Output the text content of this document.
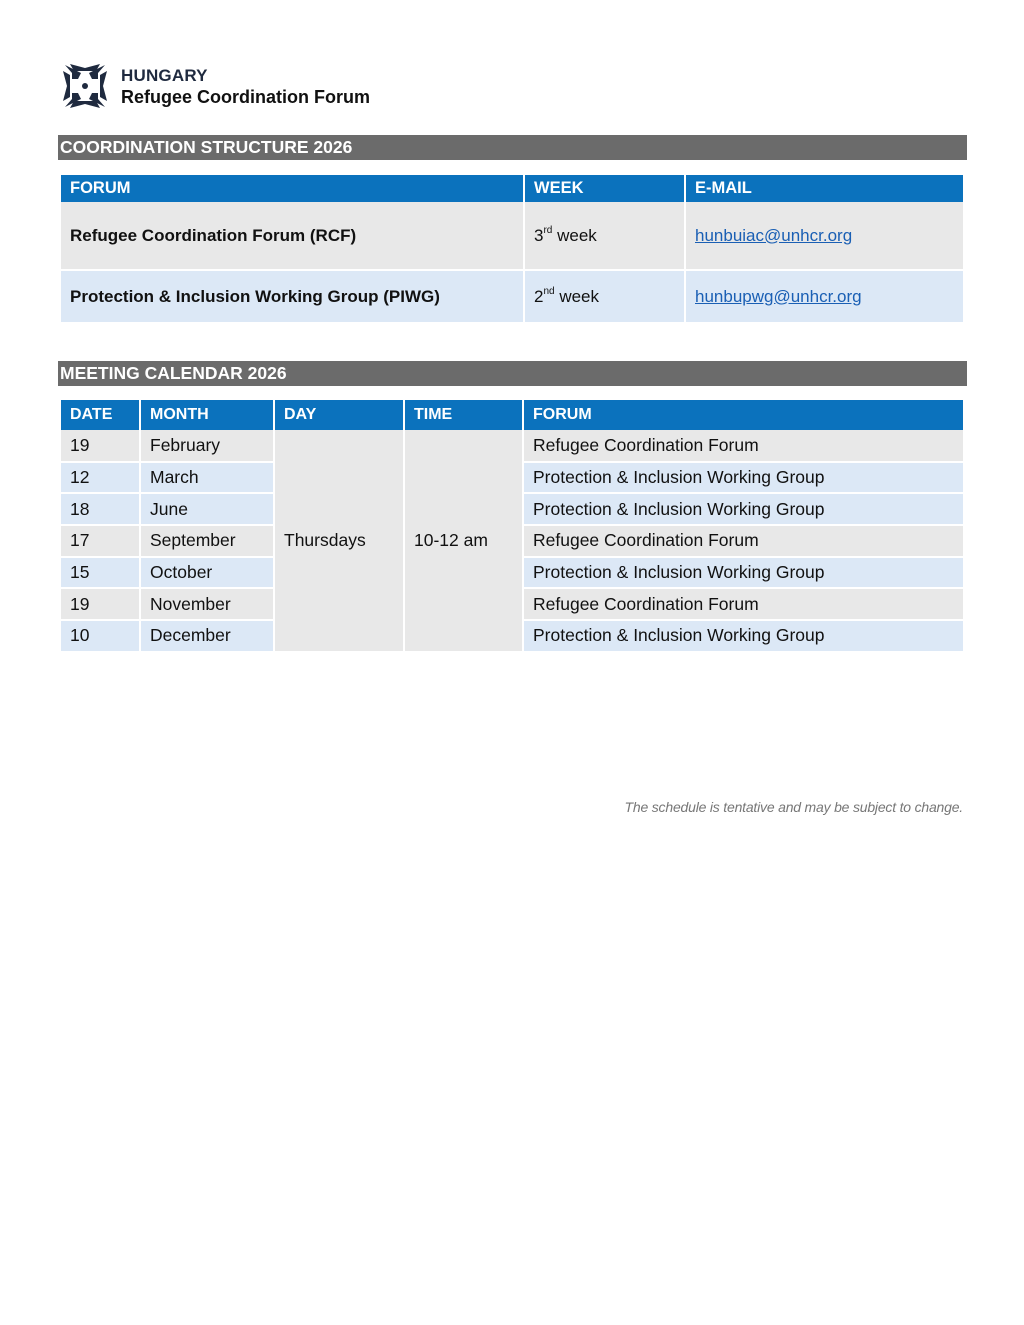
HUNGARY
Refugee Coordination Forum
COORDINATION STRUCTURE 2026
FORUM	WEEK	E-MAIL
Refugee Coordination Forum (RCF)	3rd week	hunbuiac@unhcr.org
Protection & Inclusion Working Group (PIWG)	2nd week	hunbupwg@unhcr.org
MEETING CALENDAR 2026
DATE	MONTH	DAY	TIME	FORUM
19	February	Thursdays	10-12 am	Refugee Coordination Forum
12	March			Protection & Inclusion Working Group
18	June			Protection & Inclusion Working Group
17	September			Refugee Coordination Forum
15	October			Protection & Inclusion Working Group
19	November			Refugee Coordination Forum
10	December			Protection & Inclusion Working Group
The schedule is tentative and may be subject to change.
